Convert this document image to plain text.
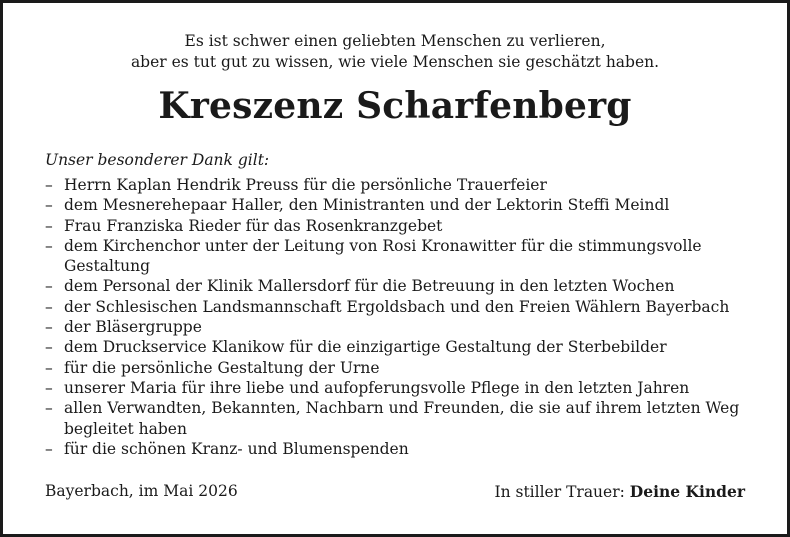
Es ist schwer einen geliebten Menschen zu verlieren,
aber es tut gut zu wissen, wie viele Menschen sie geschätzt haben.
Kreszenz Scharfenberg
Unser besonderer Dank gilt:
– Herrn Kaplan Hendrik Preuss für die persönliche Trauerfeier
– dem Mesnerehepaar Haller, den Ministranten und der Lektorin Steffi Meindl
– Frau Franziska Rieder für das Rosenkranzgebet
– dem Kirchenchor unter der Leitung von Rosi Kronawitter für die stimmungsvolle Gestaltung
– dem Personal der Klinik Mallersdorf für die Betreuung in den letzten Wochen
– der Schlesischen Landsmannschaft Ergoldsbach und den Freien Wählern Bayerbach
– der Bläsergruppe
– dem Druckservice Klanikow für die einzigartige Gestaltung der Sterbebilder
– für die persönliche Gestaltung der Urne
– unserer Maria für ihre liebe und aufopferungsvolle Pflege in den letzten Jahren
– allen Verwandten, Bekannten, Nachbarn und Freunden, die sie auf ihrem letzten Weg begleitet haben
– für die schönen Kranz- und Blumenspenden
Bayerbach, im Mai 2026	In stiller Trauer: Deine Kinder
